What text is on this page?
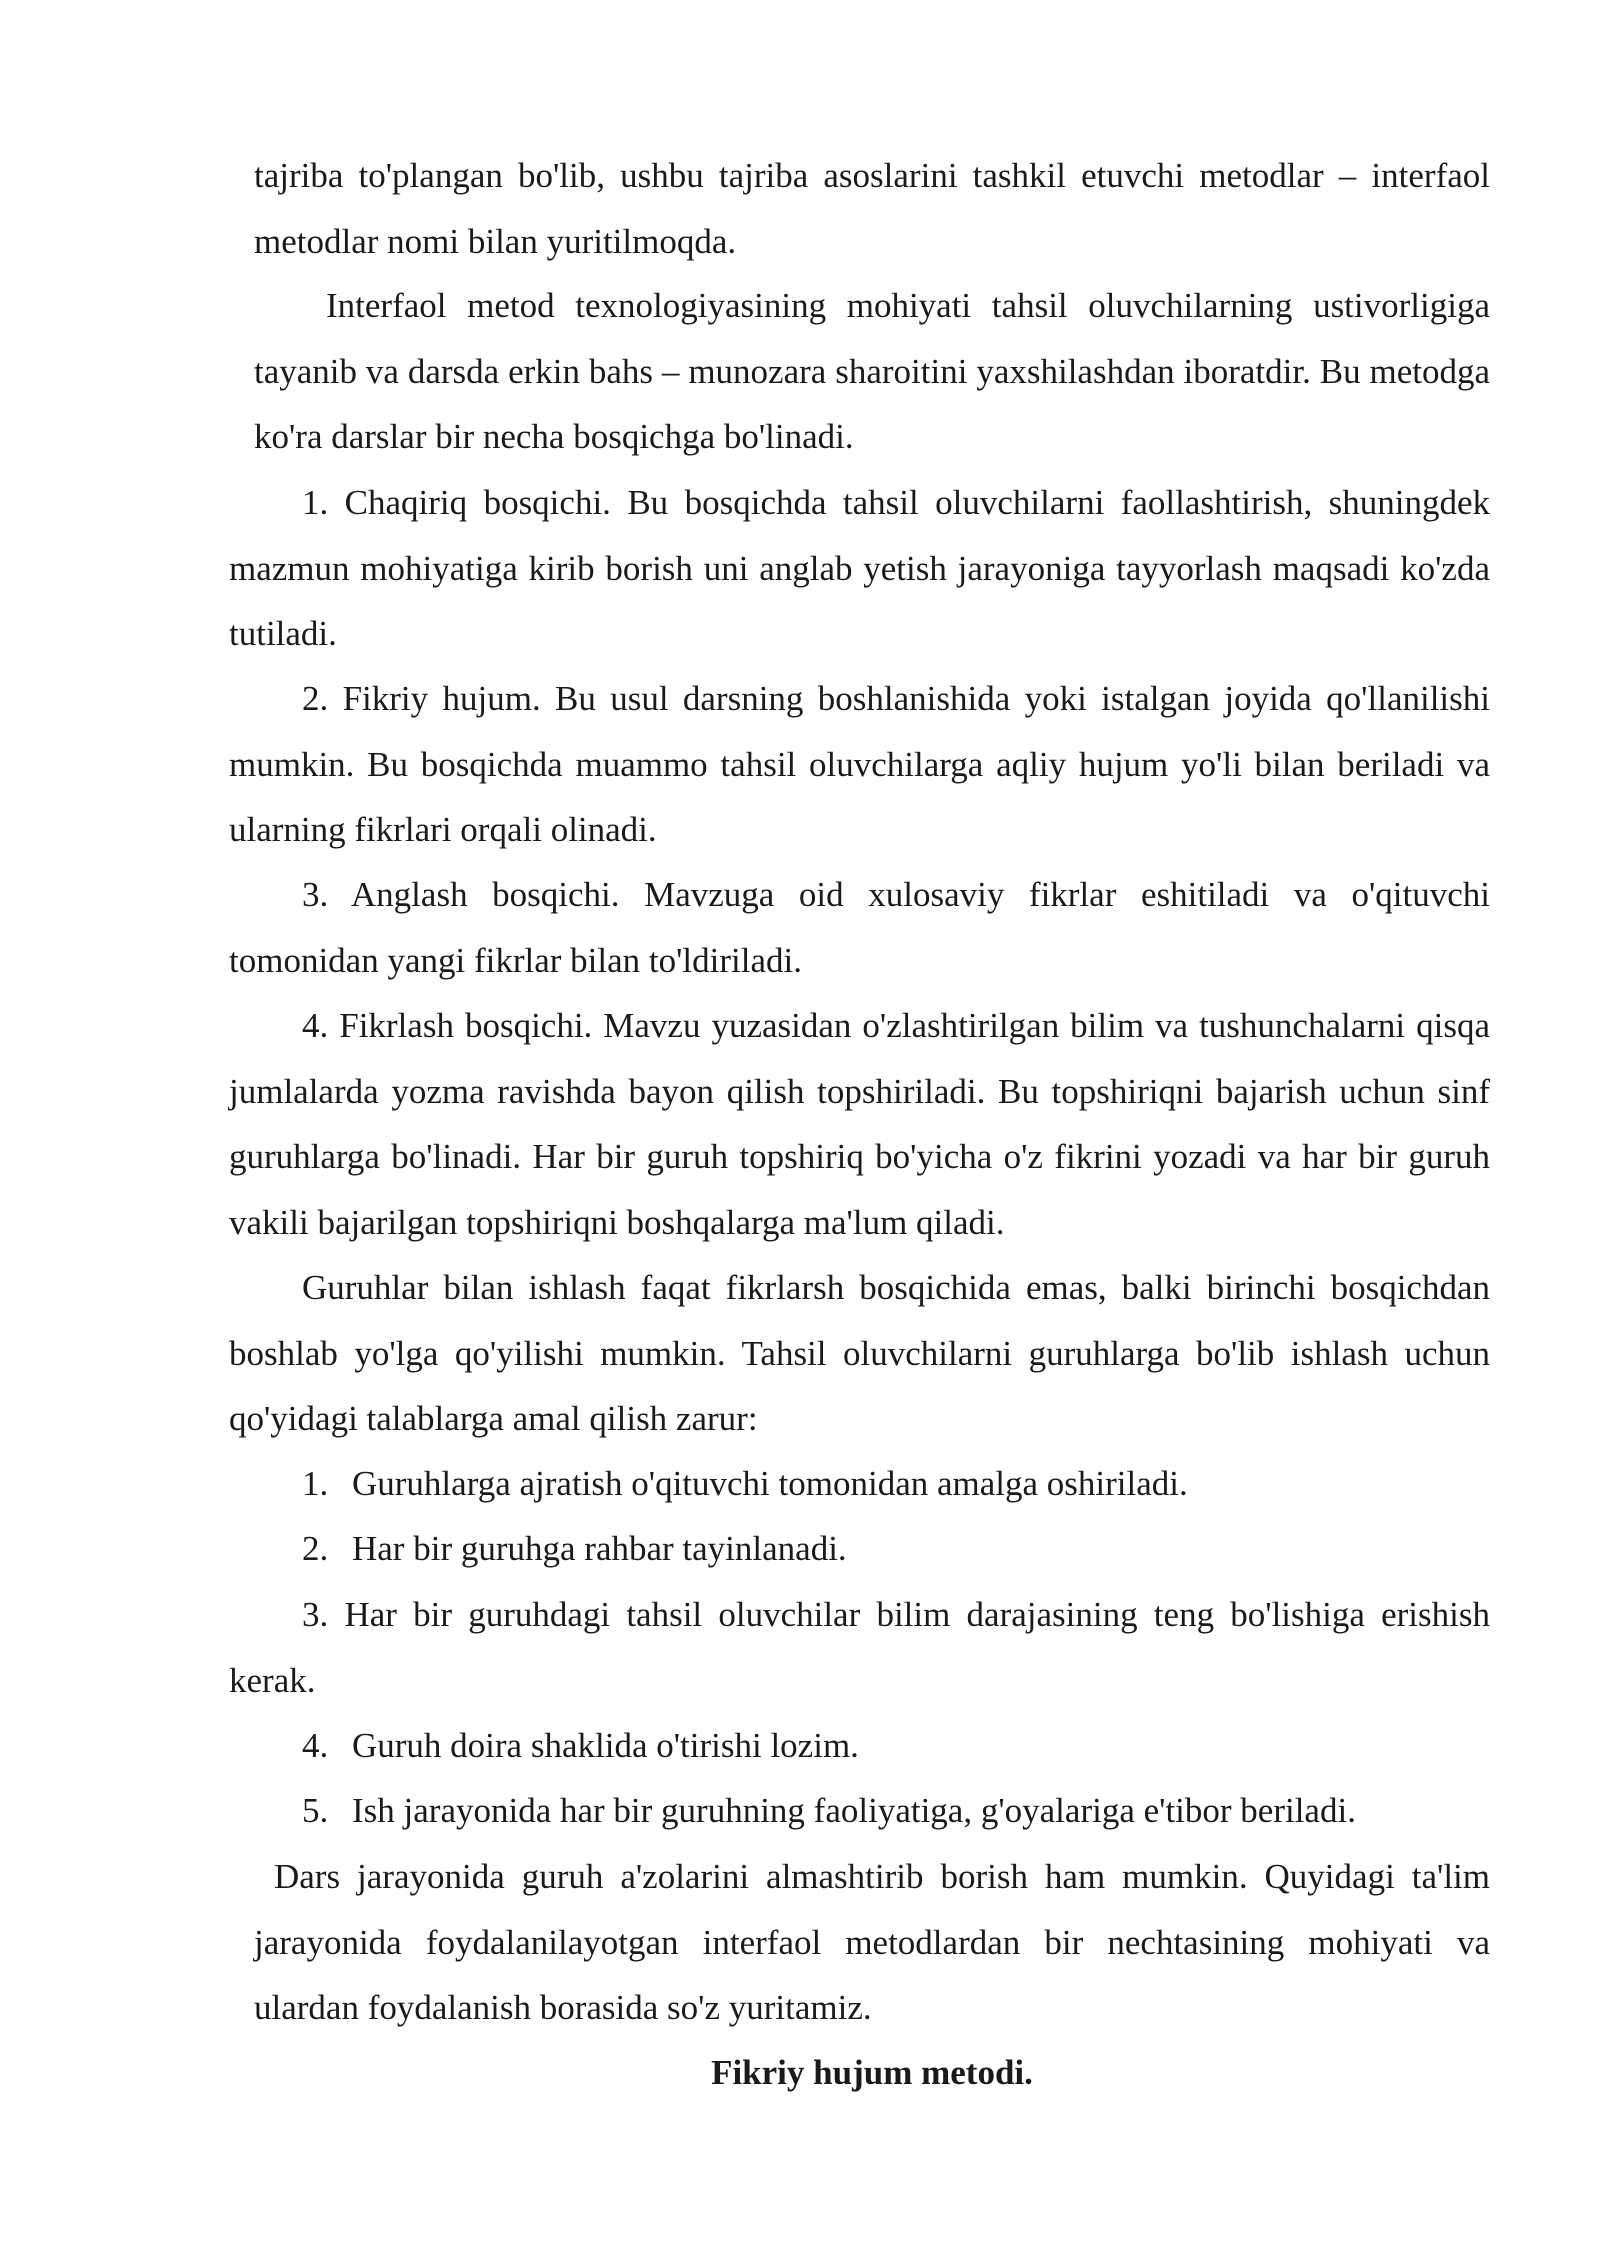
tajriba to'plangan bo'lib, ushbu tajriba asoslarini tashkil etuvchi metodlar – interfaol metodlar nomi bilan yuritilmoqda.

Interfaol metod texnologiyasining mohiyati tahsil oluvchilarning ustivorligiga tayanib va darsda erkin bahs – munozara sharoitini yaxshilashdan iboratdir. Bu metodga ko'ra darslar bir necha bosqichga bo'linadi.

1. Chaqiriq bosqichi. Bu bosqichda tahsil oluvchilarni faollashtirish, shuningdek mazmun mohiyatiga kirib borish uni anglab yetish jarayoniga tayyorlash maqsadi ko'zda tutiladi.

2. Fikriy hujum. Bu usul darsning boshlanishida yoki istalgan joyida qo'llanilishi mumkin. Bu bosqichda muammo tahsil oluvchilarga aqliy hujum yo'li bilan beriladi va ularning fikrlari orqali olinadi.

3. Anglash bosqichi. Mavzuga oid xulosaviy fikrlar eshitiladi va o'qituvchi tomonidan yangi fikrlar bilan to'ldiriladi.

4. Fikrlash bosqichi. Mavzu yuzasidan o'zlashtirilgan bilim va tushunchalarni qisqa jumlalarda yozma ravishda bayon qilish topshiriladi. Bu topshiriqni bajarish uchun sinf guruhlarga bo'linadi. Har bir guruh topshiriq bo'yicha o'z fikrini yozadi va har bir guruh vakili bajarilgan topshiriqni boshqalarga ma'lum qiladi.

Guruhlar bilan ishlash faqat fikrlarsh bosqichida emas, balki birinchi bosqichdan boshlab yo'lga qo'yilishi mumkin. Tahsil oluvchilarni guruhlarga bo'lib ishlash uchun qo'yidagi talablarga amal qilish zarur:

1. Guruhlarga ajratish o'qituvchi tomonidan amalga oshiriladi.

2. Har bir guruhga rahbar tayinlanadi.

3. Har bir guruhdagi tahsil oluvchilar bilim darajasining teng bo'lishiga erishish kerak.

4. Guruh doira shaklida o'tirishi lozim.

5. Ish jarayonida har bir guruhning faoliyatiga, g'oyalariga e'tibor beriladi.

Dars jarayonida guruh a'zolarini almashtirib borish ham mumkin. Quyidagi ta'lim jarayonida foydalanilayotgan interfaol metodlardan bir nechtasining mohiyati va ulardan foydalanish borasida so'z yuritamiz.

Fikriy hujum metodi.
